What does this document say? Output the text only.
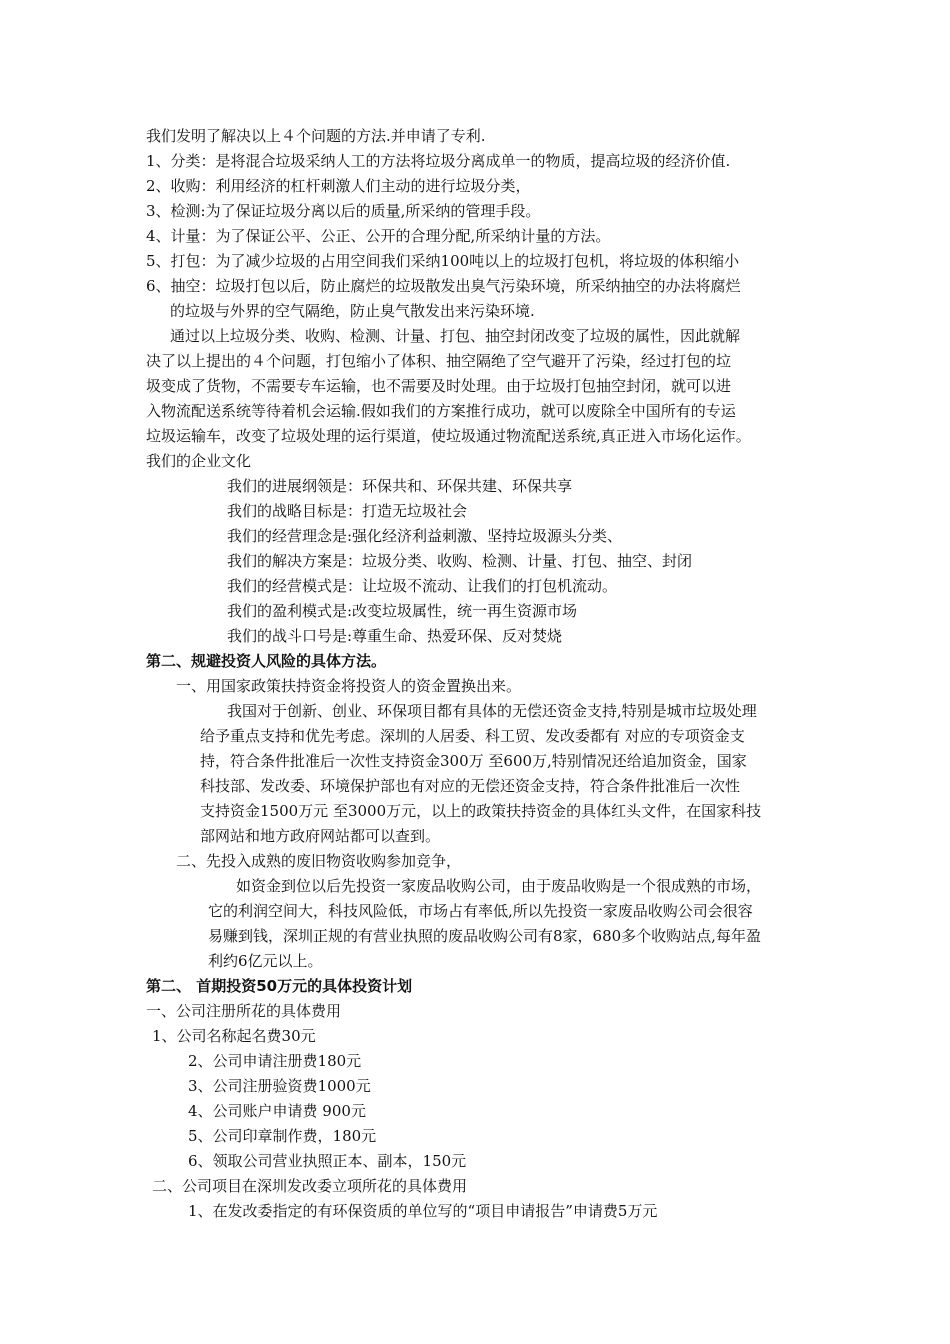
我们发明了解决以上４个问题的方法.并申请了专利.
1、分类：是将混合垃圾采纳人工的方法将垃圾分离成单一的物质，提高垃圾的经济价值.
2、收购：利用经济的杠杆刺激人们主动的进行垃圾分类，
3、检测:为了保证垃圾分离以后的质量,所采纳的管理手段。
4、计量：为了保证公平、公正、公开的合理分配,所采纳计量的方法。
5、打包：为了减少垃圾的占用空间我们采纳100吨以上的垃圾打包机，将垃圾的体积缩小
6、抽空：垃圾打包以后，防止腐烂的垃圾散发出臭气污染环境，所采纳抽空的办法将腐烂
的垃圾与外界的空气隔绝，防止臭气散发出来污染环境.
通过以上垃圾分类、收购、检测、计量、打包、抽空封闭改变了垃圾的属性，因此就解
决了以上提出的４个问题，打包缩小了体积、抽空隔绝了空气避开了污染，经过打包的垃
圾变成了货物，不需要专车运输，也不需要及时处理。由于垃圾打包抽空封闭，就可以进
入物流配送系统等待着机会运输.假如我们的方案推行成功，就可以废除全中国所有的专运
垃圾运输车，改变了垃圾处理的运行渠道，使垃圾通过物流配送系统,真正进入市场化运作。
我们的企业文化
我们的进展纲领是：环保共和、环保共建、环保共享
我们的战略目标是：打造无垃圾社会
我们的经营理念是:强化经济利益刺激、坚持垃圾源头分类、
我们的解决方案是：垃圾分类、收购、检测、计量、打包、抽空、封闭
我们的经营模式是：让垃圾不流动、让我们的打包机流动。
我们的盈利模式是:改变垃圾属性，统一再生资源市场
我们的战斗口号是:尊重生命、热爱环保、反对焚烧
第二、规避投资人风险的具体方法。
一、用国家政策扶持资金将投资人的资金置换出来。
我国对于创新、创业、环保项目都有具体的无偿还资金支持,特别是城市垃圾处理
给予重点支持和优先考虑。深圳的人居委、科工贸、发改委都有 对应的专项资金支
持，符合条件批准后一次性支持资金300万 至600万,特别情况还给追加资金，国家
科技部、发改委、环境保护部也有对应的无偿还资金支持，符合条件批准后一次性
支持资金1500万元 至3000万元，以上的政策扶持资金的具体红头文件，在国家科技
部网站和地方政府网站都可以查到。
二、先投入成熟的废旧物资收购参加竞争，
如资金到位以后先投资一家废品收购公司，由于废品收购是一个很成熟的市场，
它的利润空间大，科技风险低，市场占有率低,所以先投资一家废品收购公司会很容
易赚到钱，深圳正规的有营业执照的废品收购公司有8家，680多个收购站点,每年盈
利约6亿元以上。
第二、 首期投资50万元的具体投资计划
一、公司注册所花的具体费用
1、公司名称起名费30元
2、公司申请注册费180元
3、公司注册验资费1000元
4、公司账户申请费 900元
5、公司印章制作费，180元
6、领取公司营业执照正本、副本，150元
二、公司项目在深圳发改委立项所花的具体费用
1、在发改委指定的有环保资质的单位写的“项目申请报告”申请费5万元
